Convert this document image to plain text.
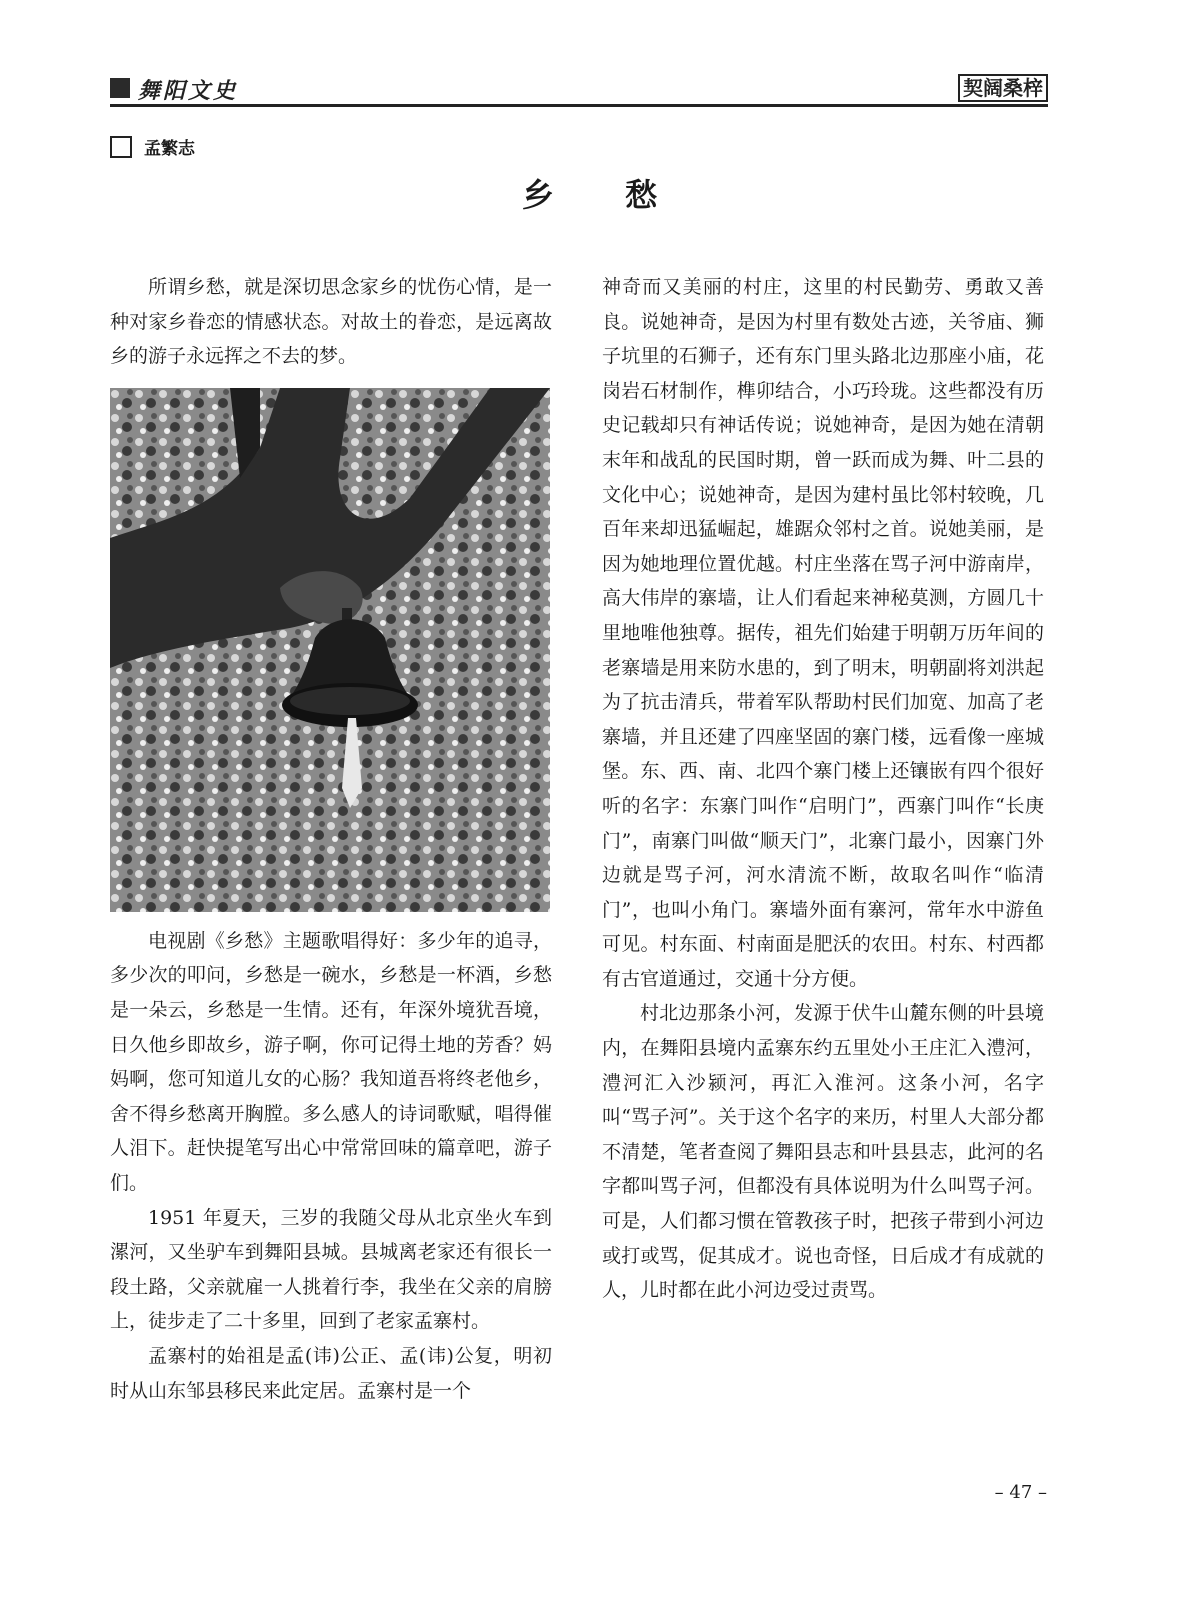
舞阳文史	契阔桑梓
孟繁志
乡 愁

所谓乡愁，就是深切思念家乡的忧伤心情，是一种对家乡眷恋的情感状态。对故土的眷恋，是远离故乡的游子永远挥之不去的梦。

电视剧《乡愁》主题歌唱得好：多少年的追寻，多少次的叩问，乡愁是一碗水，乡愁是一杯酒，乡愁是一朵云，乡愁是一生情。还有，年深外境犹吾境，日久他乡即故乡，游子啊，你可记得土地的芳香？妈妈啊，您可知道儿女的心肠？我知道吾将终老他乡，舍不得乡愁离开胸膛。多么感人的诗词歌赋，唱得催人泪下。赶快提笔写出心中常常回味的篇章吧，游子们。

1951 年夏天，三岁的我随父母从北京坐火车到漯河，又坐驴车到舞阳县城。县城离老家还有很长一段土路，父亲就雇一人挑着行李，我坐在父亲的肩膀上，徒步走了二十多里，回到了老家孟寨村。

孟寨村的始祖是孟(讳)公正、孟(讳)公复，明初时从山东邹县移民来此定居。孟寨村是一个

神奇而又美丽的村庄，这里的村民勤劳、勇敢又善良。说她神奇，是因为村里有数处古迹，关爷庙、狮子坑里的石狮子，还有东门里头路北边那座小庙，花岗岩石材制作，榫卯结合，小巧玲珑。这些都没有历史记载却只有神话传说；说她神奇，是因为她在清朝末年和战乱的民国时期，曾一跃而成为舞、叶二县的文化中心；说她神奇，是因为建村虽比邻村较晚，几百年来却迅猛崛起，雄踞众邻村之首。说她美丽，是因为她地理位置优越。村庄坐落在骂子河中游南岸，高大伟岸的寨墙，让人们看起来神秘莫测，方圆几十里地唯他独尊。据传，祖先们始建于明朝万历年间的老寨墙是用来防水患的，到了明末，明朝副将刘洪起为了抗击清兵，带着军队帮助村民们加宽、加高了老寨墙，并且还建了四座坚固的寨门楼，远看像一座城堡。东、西、南、北四个寨门楼上还镶嵌有四个很好听的名字：东寨门叫作“启明门”，西寨门叫作“长庚门”，南寨门叫做“顺天门”，北寨门最小，因寨门外边就是骂子河，河水清流不断，故取名叫作“临清门”，也叫小角门。寨墙外面有寨河，常年水中游鱼可见。村东面、村南面是肥沃的农田。村东、村西都有古官道通过，交通十分方便。

村北边那条小河，发源于伏牛山麓东侧的叶县境内，在舞阳县境内孟寨东约五里处小王庄汇入澧河，澧河汇入沙颍河，再汇入淮河。这条小河，名字叫“骂子河”。关于这个名字的来历，村里人大部分都不清楚，笔者查阅了舞阳县志和叶县县志，此河的名字都叫骂子河，但都没有具体说明为什么叫骂子河。可是，人们都习惯在管教孩子时，把孩子带到小河边或打或骂，促其成才。说也奇怪，日后成才有成就的人，儿时都在此小河边受过责骂。

– 47 –
